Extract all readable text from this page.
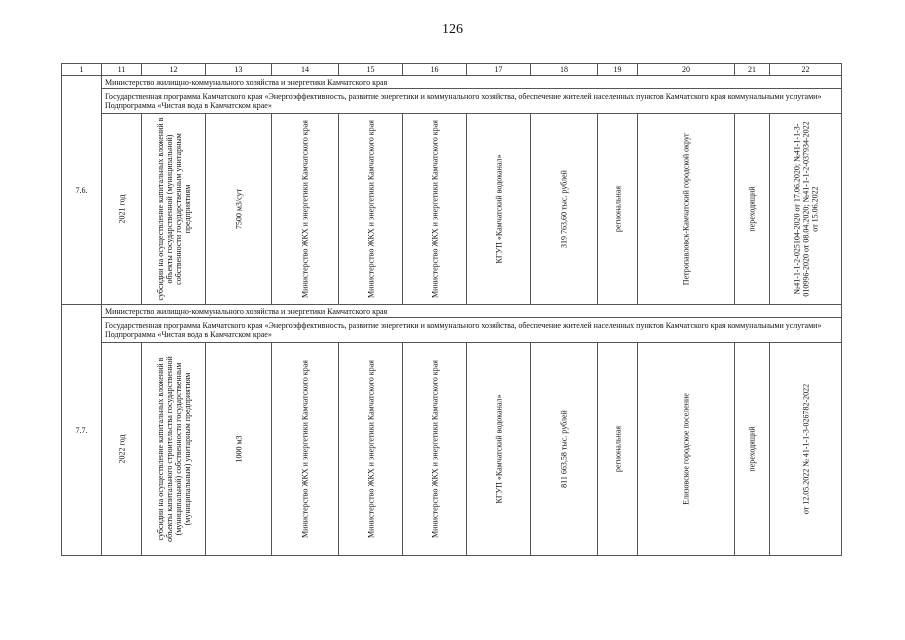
126
1	11	12	13	14	15	16	17	18	19	20	21	22
7.6.	Министерство жилищно-коммунального хозяйства и энергетики Камчатского края											
	Государственная программа Камчатского края «Энергоэффективность, развитие энергетики и коммунального хозяйства, обеспечение жителей населенных пунктов Камчатского края коммунальными услугами» Подпрограмма «Чистая вода в Камчатском крае»											

	2021 год	субсидии на осуществление капитальных вложений в объекты государственной (муниципальной) собственности государственным унитарным предприятиям	7500 м3/сут	Министерство ЖКХ и энергетики Камчатского края	Министерство ЖКХ и энергетики Камчатского края	Министерство ЖКХ и энергетики Камчатского края	КГУП «Камчатский водоканал»	319 763,60 тыс. рублей	региональная	Петропавловск-Камчатский городской округ	переходящий	№41-1-1-2-025104-2020 от 17.06.2020; №41-1-1-3-010996-2020 от 08.04.2020; №41-1-1-2-037934-2022 от 15.06.2022

7.7.	Министерство жилищно-коммунального хозяйства и энергетики Камчатского края											
	Государственная программа Камчатского края «Энергоэффективность, развитие энергетики и коммунального хозяйства, обеспечение жителей населенных пунктов Камчатского края коммунальными услугами» Подпрограмма «Чистая вода в Камчатском крае»											

	2022 год	субсидии на осуществление капитальных вложений в объекты капитального строительства государственной (муниципальной) собственности государственным (муниципальным) унитарным предприятиям	1000 м3	Министерство ЖКХ и энергетики Камчатского края	Министерство ЖКХ и энергетики Камчатского края	Министерство ЖКХ и энергетики Камчатского края	КГУП «Камчатский водоканал»	811 663,58 тыс. рублей	региональная	Елизовское городское поселение	переходящий	от 12.05.2022 № 41-1-1-3-026782-2022
